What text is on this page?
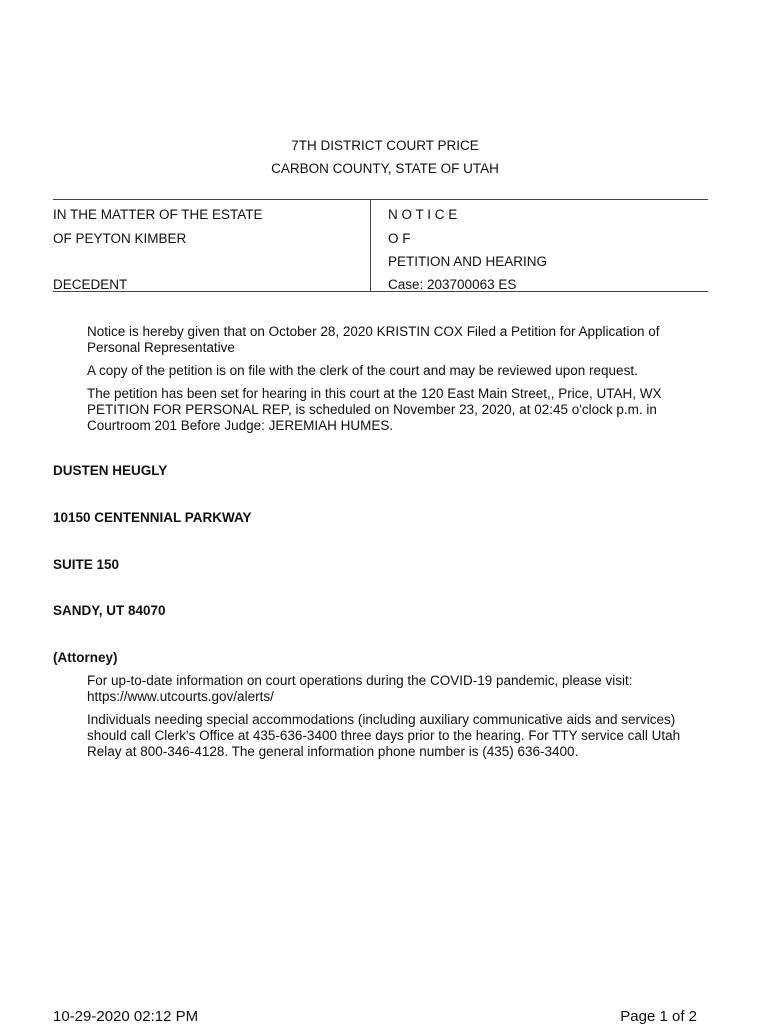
7TH DISTRICT COURT PRICE
CARBON COUNTY, STATE OF UTAH
IN THE MATTER OF THE ESTATE
OF PEYTON KIMBER
DECEDENT
N O T I C E
O F
PETITION AND HEARING
Case: 203700063 ES
Notice is hereby given that on October 28, 2020 KRISTIN COX Filed a Petition for Application of Personal Representative
A copy of the petition is on file with the clerk of the court and may be reviewed upon request.
The petition has been set for hearing in this court at the 120 East Main Street,, Price, UTAH, WX PETITION FOR PERSONAL REP, is scheduled on November 23, 2020, at 02:45 o'clock p.m. in Courtroom 201 Before Judge: JEREMIAH HUMES.
DUSTEN HEUGLY
10150 CENTENNIAL PARKWAY
SUITE 150
SANDY, UT 84070
(Attorney)
For up-to-date information on court operations during the COVID-19 pandemic, please visit: https://www.utcourts.gov/alerts/
Individuals needing special accommodations (including auxiliary communicative aids and services) should call Clerk's Office at 435-636-3400 three days prior to the hearing. For TTY service call Utah Relay at 800-346-4128. The general information phone number is (435) 636-3400.
10-29-2020 02:12 PM	Page 1 of 2
